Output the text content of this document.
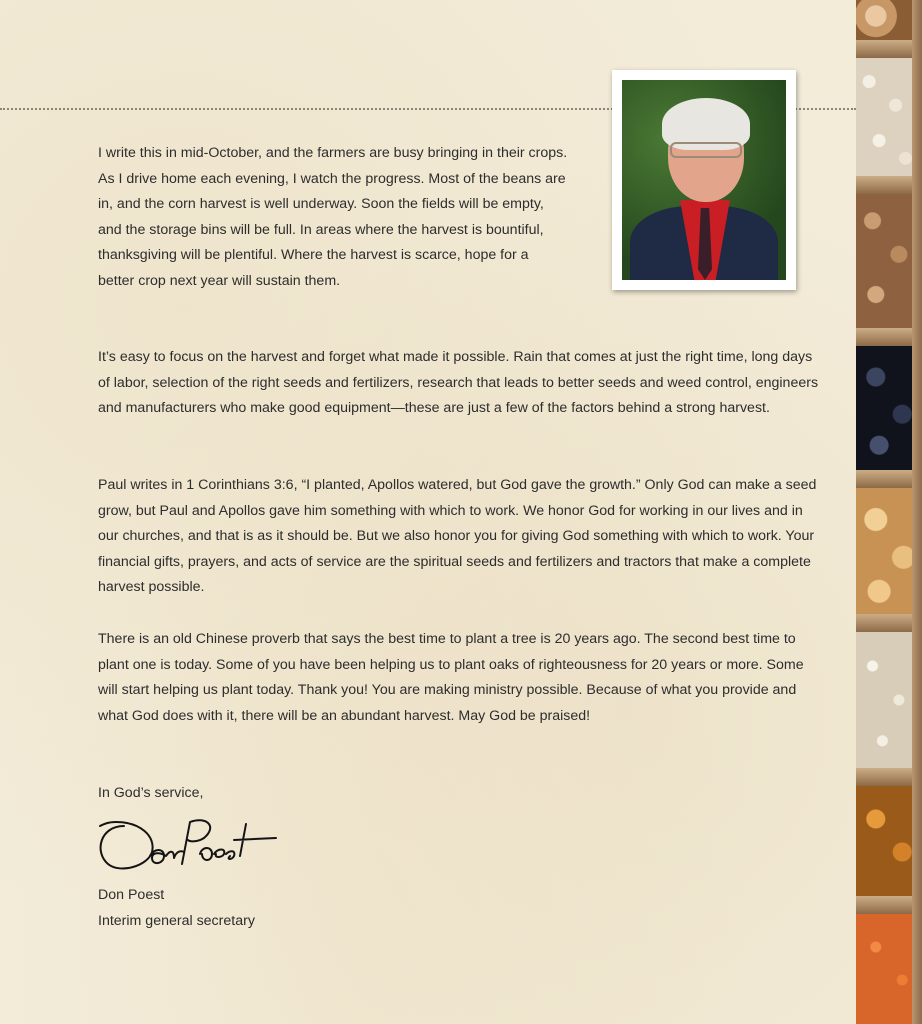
I write this in mid-October, and the farmers are busy bringing in their crops. As I drive home each evening, I watch the progress. Most of the beans are in, and the corn harvest is well underway. Soon the fields will be empty, and the storage bins will be full. In areas where the harvest is bountiful, thanksgiving will be plentiful. Where the harvest is scarce, hope for a better crop next year will sustain them.

It’s easy to focus on the harvest and forget what made it possible. Rain that comes at just the right time, long days of labor, selection of the right seeds and fertilizers, research that leads to better seeds and weed control, engineers and manufacturers who make good equipment—these are just a few of the factors behind a strong harvest.

Paul writes in 1 Corinthians 3:6, “I planted, Apollos watered, but God gave the growth.” Only God can make a seed grow, but Paul and Apollos gave him something with which to work. We honor God for working in our lives and in our churches, and that is as it should be. But we also honor you for giving God something with which to work. Your financial gifts, prayers, and acts of service are the spiritual seeds and fertilizers and tractors that make a complete harvest possible.

There is an old Chinese proverb that says the best time to plant a tree is 20 years ago. The second best time to plant one is today. Some of you have been helping us to plant oaks of righteousness for 20 years or more. Some will start helping us plant today. Thank you! You are making ministry possible. Because of what you provide and what God does with it, there will be an abundant harvest. May God be praised!

In God’s service,

Don Poest

Interim general secretary
